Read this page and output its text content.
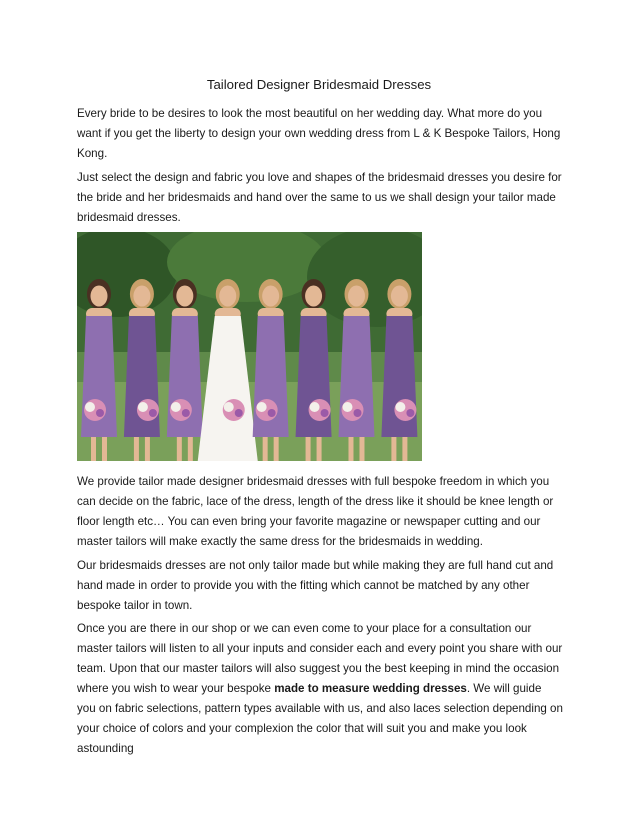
Tailored Designer Bridesmaid Dresses

Every bride to be desires to look the most beautiful on her wedding day. What more do you want if you get the liberty to design your own wedding dress from L & K Bespoke Tailors, Hong Kong.

Just select the design and fabric you love and shapes of the bridesmaid dresses you desire for the bride and her bridesmaids and hand over the same to us we shall design your tailor made bridesmaid dresses.

We provide tailor made designer bridesmaid dresses with full bespoke freedom in which you can decide on the fabric, lace of the dress, length of the dress like it should be knee length or floor length etc… You can even bring your favorite magazine or newspaper cutting and our master tailors will make exactly the same dress for the bridesmaids in wedding.

Our bridesmaids dresses are not only tailor made but while making they are full hand cut and hand made in order to provide you with the fitting which cannot be matched by any other bespoke tailor in town.

Once you are there in our shop or we can even come to your place for a consultation our master tailors will listen to all your inputs and consider each and every point you share with our team. Upon that our master tailors will also suggest you the best keeping in mind the occasion where you wish to wear your bespoke made to measure wedding dresses. We will guide you on fabric selections, pattern types available with us, and also laces selection depending on your choice of colors and your complexion the color that will suit you and make you look astounding
